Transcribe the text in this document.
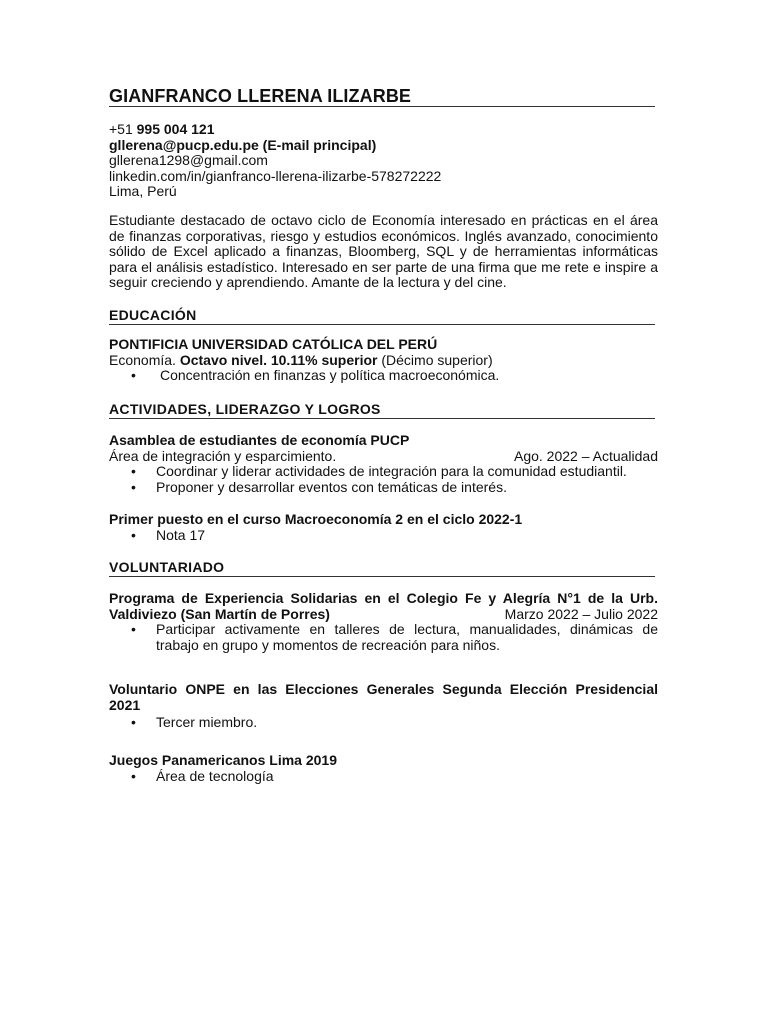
GIANFRANCO LLERENA ILIZARBE
+51 995 004 121
gllerena@pucp.edu.pe (E-mail principal)
gllerena1298@gmail.com
linkedin.com/in/gianfranco-llerena-ilizarbe-578272222
Lima, Perú

Estudiante destacado de octavo ciclo de Economía interesado en prácticas en el área de finanzas corporativas, riesgo y estudios económicos. Inglés avanzado, conocimiento sólido de Excel aplicado a finanzas, Bloomberg, SQL y de herramientas informáticas para el análisis estadístico. Interesado en ser parte de una firma que me rete e inspire a seguir creciendo y aprendiendo. Amante de la lectura y del cine.

EDUCACIÓN
PONTIFICIA UNIVERSIDAD CATÓLICA DEL PERÚ
Economía. Octavo nivel. 10.11% superior (Décimo superior)
• Concentración en finanzas y política macroeconómica.
ACTIVIDADES, LIDERAZGO Y LOGROS
Asamblea de estudiantes de economía PUCP
Área de integración y esparcimiento.	Ago. 2022 – Actualidad
• Coordinar y liderar actividades de integración para la comunidad estudiantil.
• Proponer y desarrollar eventos con temáticas de interés.
Primer puesto en el curso Macroeconomía 2 en el ciclo 2022-1
• Nota 17
VOLUNTARIADO
Programa de Experiencia Solidarias en el Colegio Fe y Alegría N°1 de la Urb.
Valdiviezo (San Martín de Porres)	Marzo 2022 – Julio 2022
• Participar activamente en talleres de lectura, manualidades, dinámicas de trabajo en grupo y momentos de recreación para niños.
Voluntario ONPE en las Elecciones Generales Segunda Elección Presidencial 2021
• Tercer miembro.
Juegos Panamericanos Lima 2019
• Área de tecnología
